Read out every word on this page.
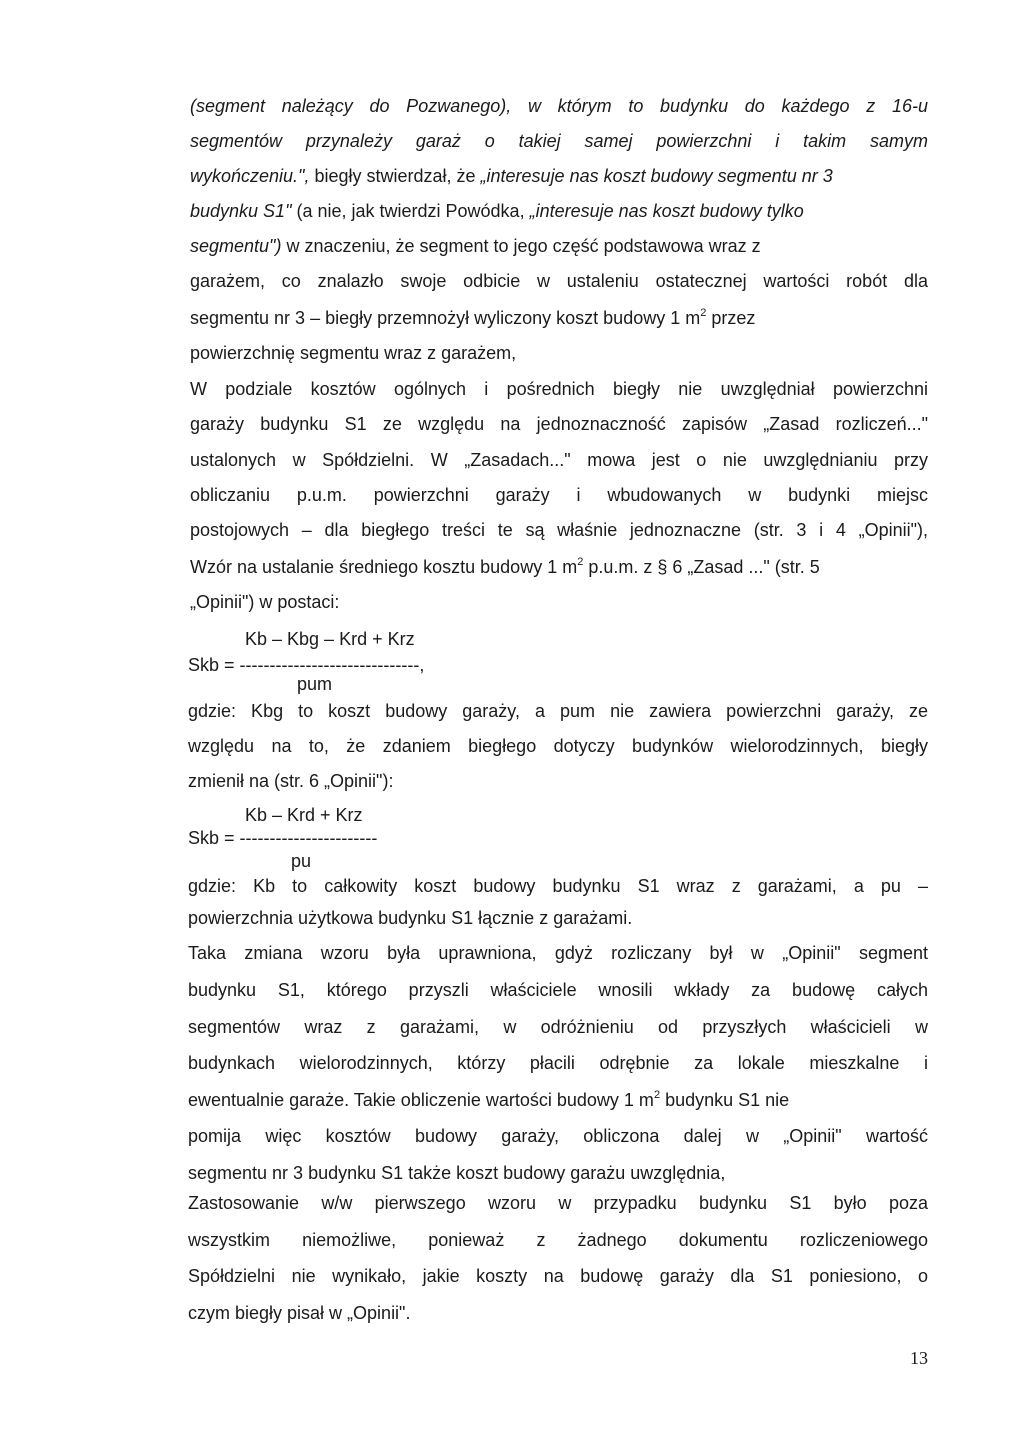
(segment należący do Pozwanego), w którym to budynku do każdego z 16-u
segmentów przynależy garaż o takiej samej powierzchni i takim samym
wykończeniu.", biegły stwierdzał, że „interesuje nas koszt budowy segmentu nr 3
budynku S1" (a nie, jak twierdzi Powódka, „interesuje nas koszt budowy tylko
segmentu") w znaczeniu, że segment to jego część podstawowa wraz z
garażem, co znalazło swoje odbicie w ustaleniu ostatecznej wartości robót dla
segmentu nr 3 – biegły przemnożył wyliczony koszt budowy 1 $m^2$ przez
powierzchnię segmentu wraz z garażem,
W podziale kosztów ogólnych i pośrednich biegły nie uwzględniał powierzchni
garaży budynku S1 ze względu na jednoznaczność zapisów „Zasad rozliczeń..."
ustalonych w Spółdzielni. W „Zasadach..." mowa jest o nie uwzględnianiu przy
obliczaniu p.u.m. powierzchni garaży i wbudowanych w budynki miejsc
postojowych – dla biegłego treści te są właśnie jednoznaczne (str. 3 i 4 „Opinii"),
Wzór na ustalanie średniego kosztu budowy 1 $m^2$ p.u.m. z § 6 „Zasad ..." (str. 5
„Opinii") w postaci:
Kb – Kbg – Krd + Krz
Skb = ------------------------------,
pum
gdzie: Kbg to koszt budowy garaży, a pum nie zawiera powierzchni garaży, ze
względu na to, że zdaniem biegłego dotyczy budynków wielorodzinnych, biegły
zmienił na (str. 6 „Opinii"):
Kb – Krd + Krz
Skb = -----------------------
pu
gdzie: Kb to całkowity koszt budowy budynku S1 wraz z garażami, a pu –
powierzchnia użytkowa budynku S1 łącznie z garażami.
Taka zmiana wzoru była uprawniona, gdyż rozliczany był w „Opinii" segment
budynku S1, którego przyszli właściciele wnosili wkłady za budowę całych
segmentów wraz z garażami, w odróżnieniu od przyszłych właścicieli w
budynkach wielorodzinnych, którzy płacili odrębnie za lokale mieszkalne i
ewentualnie garaże. Takie obliczenie wartości budowy 1 $m^2$ budynku S1 nie
pomija więc kosztów budowy garaży, obliczona dalej w „Opinii" wartość
segmentu nr 3 budynku S1 także koszt budowy garażu uwzględnia,
Zastosowanie w/w pierwszego wzoru w przypadku budynku S1 było poza
wszystkim niemożliwe, ponieważ z żadnego dokumentu rozliczeniowego
Spółdzielni nie wynikało, jakie koszty na budowę garaży dla S1 poniesiono, o
czym biegły pisał w „Opinii".
13
